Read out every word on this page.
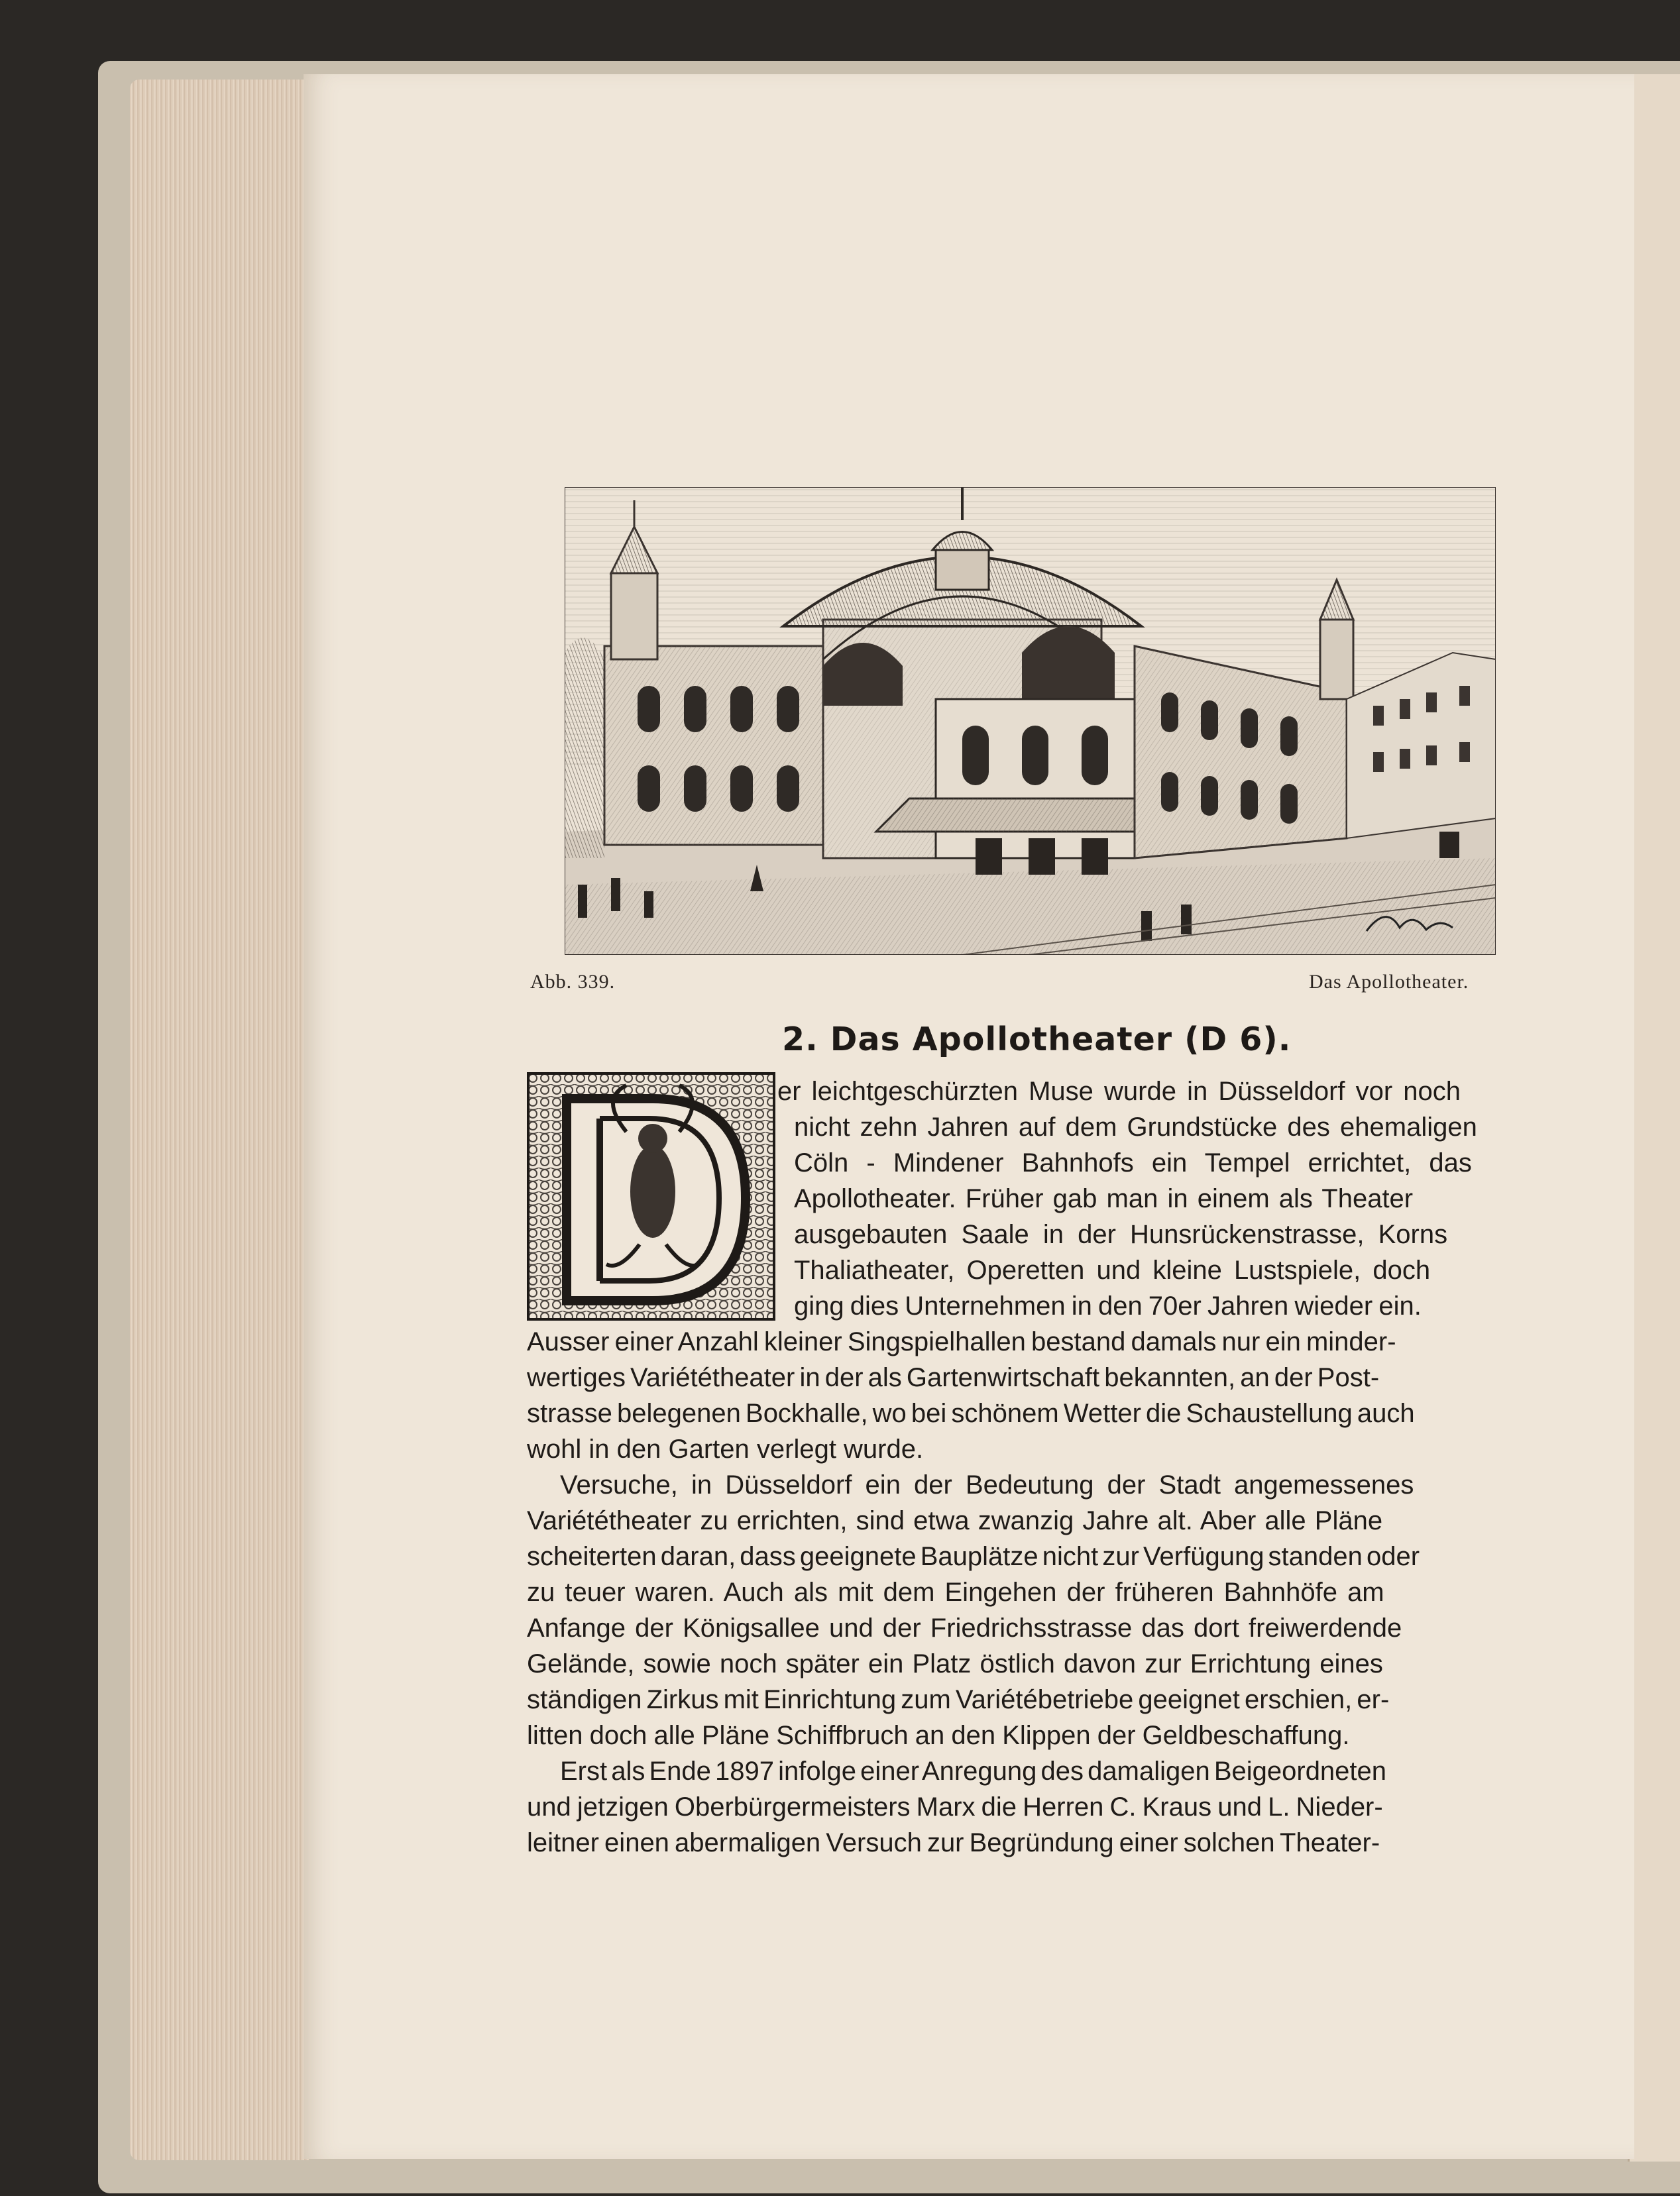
Abb. 339.	Das Apollotheater.
2. Das Apollotheater (D 6).
er leichtgeschürzten Muse wurde in Düsseldorf vor noch
nicht zehn Jahren auf dem Grundstücke des ehemaligen
Cöln - Mindener Bahnhofs ein Tempel errichtet, das
Apollotheater. Früher gab man in einem als Theater
ausgebauten Saale in der Hunsrückenstrasse, Korns
Thaliatheater, Operetten und kleine Lustspiele, doch
ging dies Unternehmen in den 70er Jahren wieder ein.
Ausser einer Anzahl kleiner Singspielhallen bestand damals nur ein minder-
wertiges Variététheater in der als Gartenwirtschaft bekannten, an der Post-
strasse belegenen Bockhalle, wo bei schönem Wetter die Schaustellung auch
wohl in den Garten verlegt wurde.
Versuche, in Düsseldorf ein der Bedeutung der Stadt angemessenes
Variététheater zu errichten, sind etwa zwanzig Jahre alt. Aber alle Pläne
scheiterten daran, dass geeignete Bauplätze nicht zur Verfügung standen oder
zu teuer waren. Auch als mit dem Eingehen der früheren Bahnhöfe am
Anfange der Königsallee und der Friedrichsstrasse das dort freiwerdende
Gelände, sowie noch später ein Platz östlich davon zur Errichtung eines
ständigen Zirkus mit Einrichtung zum Variétébetriebe geeignet erschien, er-
litten doch alle Pläne Schiffbruch an den Klippen der Geldbeschaffung.
Erst als Ende 1897 infolge einer Anregung des damaligen Beigeordneten
und jetzigen Oberbürgermeisters Marx die Herren C. Kraus und L. Nieder-
leitner einen abermaligen Versuch zur Begründung einer solchen Theater-
